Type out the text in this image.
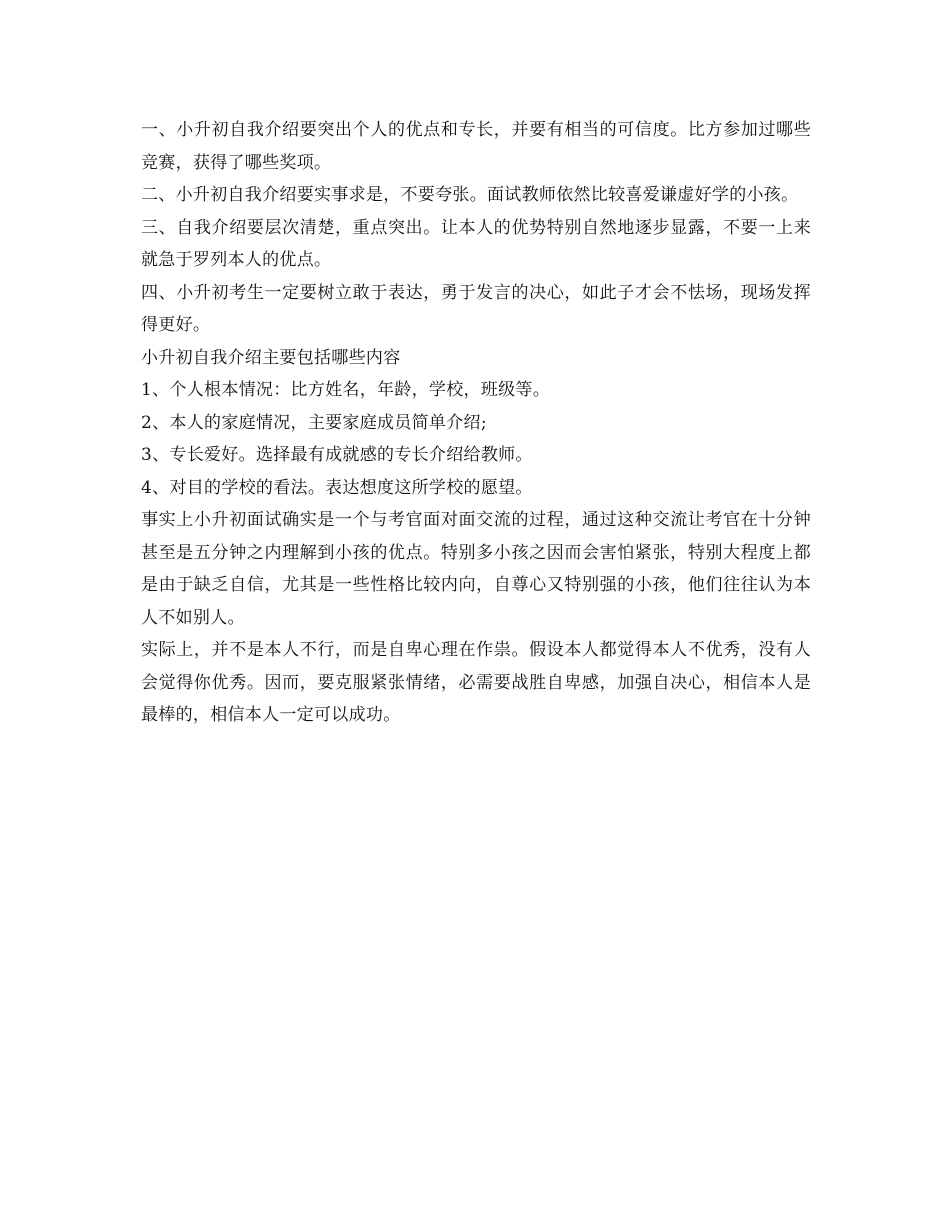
一、小升初自我介绍要突出个人的优点和专长，并要有相当的可信度。比方参加过哪些竞赛，获得了哪些奖项。

二、小升初自我介绍要实事求是，不要夸张。面试教师依然比较喜爱谦虚好学的小孩。

三、自我介绍要层次清楚，重点突出。让本人的优势特别自然地逐步显露，不要一上来就急于罗列本人的优点。

四、小升初考生一定要树立敢于表达，勇于发言的决心，如此子才会不怯场，现场发挥得更好。

小升初自我介绍主要包括哪些内容

1、个人根本情况：比方姓名，年龄，学校，班级等。

2、本人的家庭情况，主要家庭成员简单介绍;

3、专长爱好。选择最有成就感的专长介绍给教师。

4、对目的学校的看法。表达想度这所学校的愿望。

事实上小升初面试确实是一个与考官面对面交流的过程，通过这种交流让考官在十分钟甚至是五分钟之内理解到小孩的优点。特别多小孩之因而会害怕紧张，特别大程度上都是由于缺乏自信，尤其是一些性格比较内向，自尊心又特别强的小孩，他们往往认为本人不如别人。

实际上，并不是本人不行，而是自卑心理在作祟。假设本人都觉得本人不优秀，没有人会觉得你优秀。因而，要克服紧张情绪，必需要战胜自卑感，加强自决心，相信本人是最棒的，相信本人一定可以成功。
